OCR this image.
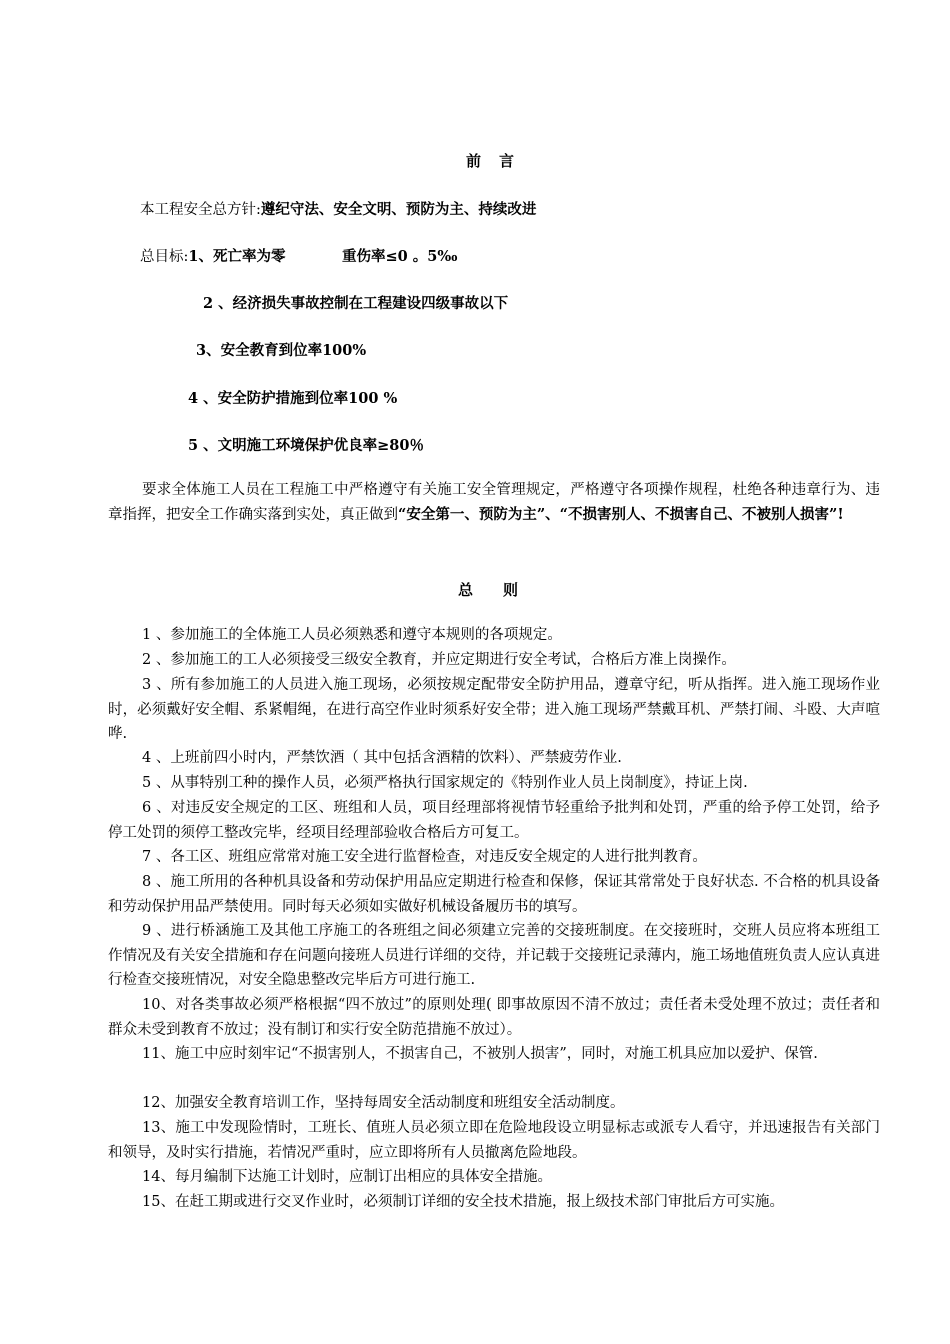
前言
本工程安全总方针:遵纪守法、安全文明、预防为主、持续改进
总目标:1、死亡率为零	重伤率≤0 。5‰
2 、经济损失事故控制在工程建设四级事故以下
3、安全教育到位率100%
4 、安全防护措施到位率100 %
5 、文明施工环境保护优良率≥80％
要求全体施工人员在工程施工中严格遵守有关施工安全管理规定，严格遵守各项操作规程，杜绝各种违章行为、违章指挥，把安全工作确实落到实处，真正做到“安全第一、预防为主”、“不损害别人、不损害自己、不被别人损害”!
总则
1 、参加施工的全体施工人员必须熟悉和遵守本规则的各项规定。
2 、参加施工的工人必须接受三级安全教育，并应定期进行安全考试，合格后方准上岗操作。
3 、所有参加施工的人员进入施工现场，必须按规定配带安全防护用品，遵章守纪，听从指挥。进入施工现场作业时，必须戴好安全帽、系紧帽绳，在进行高空作业时须系好安全带；进入施工现场严禁戴耳机、严禁打闹、斗殴、大声喧哗.
4 、上班前四小时内，严禁饮酒（ 其中包括含酒精的饮料）、严禁疲劳作业.
5 、从事特别工种的操作人员，必须严格执行国家规定的《特别作业人员上岗制度》，持证上岗.
6 、对违反安全规定的工区、班组和人员，项目经理部将视情节轻重给予批判和处罚，严重的给予停工处罚，给予停工处罚的须停工整改完毕，经项目经理部验收合格后方可复工。
7 、各工区、班组应常常对施工安全进行监督检查，对违反安全规定的人进行批判教育。
8 、施工所用的各种机具设备和劳动保护用品应定期进行检查和保修，保证其常常处于良好状态. 不合格的机具设备和劳动保护用品严禁使用。同时每天必须如实做好机械设备履历书的填写。
9 、进行桥涵施工及其他工序施工的各班组之间必须建立完善的交接班制度。在交接班时，交班人员应将本班组工作情况及有关安全措施和存在问题向接班人员进行详细的交待，并记载于交接班记录薄内，施工场地值班负责人应认真进行检查交接班情况，对安全隐患整改完毕后方可进行施工.
10、对各类事故必须严格根据“四不放过”的原则处理( 即事故原因不清不放过；责任者未受处理不放过；责任者和群众未受到教育不放过；没有制订和实行安全防范措施不放过）。
11、施工中应时刻牢记“不损害别人，不损害自己，不被别人损害”，同时，对施工机具应加以爱护、保管.
12、加强安全教育培训工作，坚持每周安全活动制度和班组安全活动制度。
13、施工中发现险情时，工班长、值班人员必须立即在危险地段设立明显标志或派专人看守，并迅速报告有关部门和领导，及时实行措施，若情况严重时，应立即将所有人员撤离危险地段。
14、每月编制下达施工计划时，应制订出相应的具体安全措施。
15、在赶工期或进行交叉作业时，必须制订详细的安全技术措施，报上级技术部门审批后方可实施。
